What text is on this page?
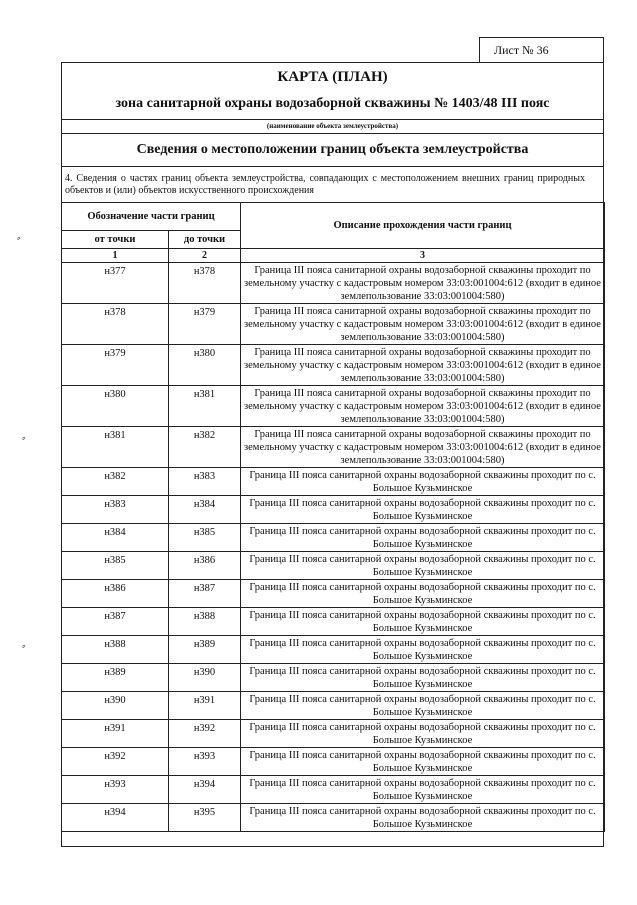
Лист № 36
КАРТА (ПЛАН)
зона санитарной охраны водозаборной скважины № 1403/48 III пояс
(наименование объекта землеустройства)
Сведения о местоположении границ объекта землеустройства
4. Сведения о частях границ объекта землеустройства, совпадающих с местоположением внешних границ природных объектов и (или) объектов искусственного происхождения
Обозначение части границ		Описание прохождения части границ
от точки	до точки	
1	2	3
н377	н378	Граница III пояса санитарной охраны водозаборной скважины проходит по земельному участку с кадастровым номером 33:03:001004:612 (входит в единое землепользование 33:03:001004:580)
н378	н379	Граница III пояса санитарной охраны водозаборной скважины проходит по земельному участку с кадастровым номером 33:03:001004:612 (входит в единое землепользование 33:03:001004:580)
н379	н380	Граница III пояса санитарной охраны водозаборной скважины проходит по земельному участку с кадастровым номером 33:03:001004:612 (входит в единое землепользование 33:03:001004:580)
н380	н381	Граница III пояса санитарной охраны водозаборной скважины проходит по земельному участку с кадастровым номером 33:03:001004:612 (входит в единое землепользование 33:03:001004:580)
н381	н382	Граница III пояса санитарной охраны водозаборной скважины проходит по земельному участку с кадастровым номером 33:03:001004:612 (входит в единое землепользование 33:03:001004:580)
н382	н383	Граница III пояса санитарной охраны водозаборной скважины проходит по с. Большое Кузьминское
н383	н384	Граница III пояса санитарной охраны водозаборной скважины проходит по с. Большое Кузьминское
н384	н385	Граница III пояса санитарной охраны водозаборной скважины проходит по с. Большое Кузьминское
н385	н386	Граница III пояса санитарной охраны водозаборной скважины проходит по с. Большое Кузьминское
н386	н387	Граница III пояса санитарной охраны водозаборной скважины проходит по с. Большое Кузьминское
н387	н388	Граница III пояса санитарной охраны водозаборной скважины проходит по с. Большое Кузьминское
н388	н389	Граница III пояса санитарной охраны водозаборной скважины проходит по с. Большое Кузьминское
н389	н390	Граница III пояса санитарной охраны водозаборной скважины проходит по с. Большое Кузьминское
н390	н391	Граница III пояса санитарной охраны водозаборной скважины проходит по с. Большое Кузьминское
н391	н392	Граница III пояса санитарной охраны водозаборной скважины проходит по с. Большое Кузьминское
н392	н393	Граница III пояса санитарной охраны водозаборной скважины проходит по с. Большое Кузьминское
н393	н394	Граница III пояса санитарной охраны водозаборной скважины проходит по с. Большое Кузьминское
н394	н395	Граница III пояса санитарной охраны водозаборной скважины проходит по с. Большое Кузьминское
⸗
⸗
⸗
